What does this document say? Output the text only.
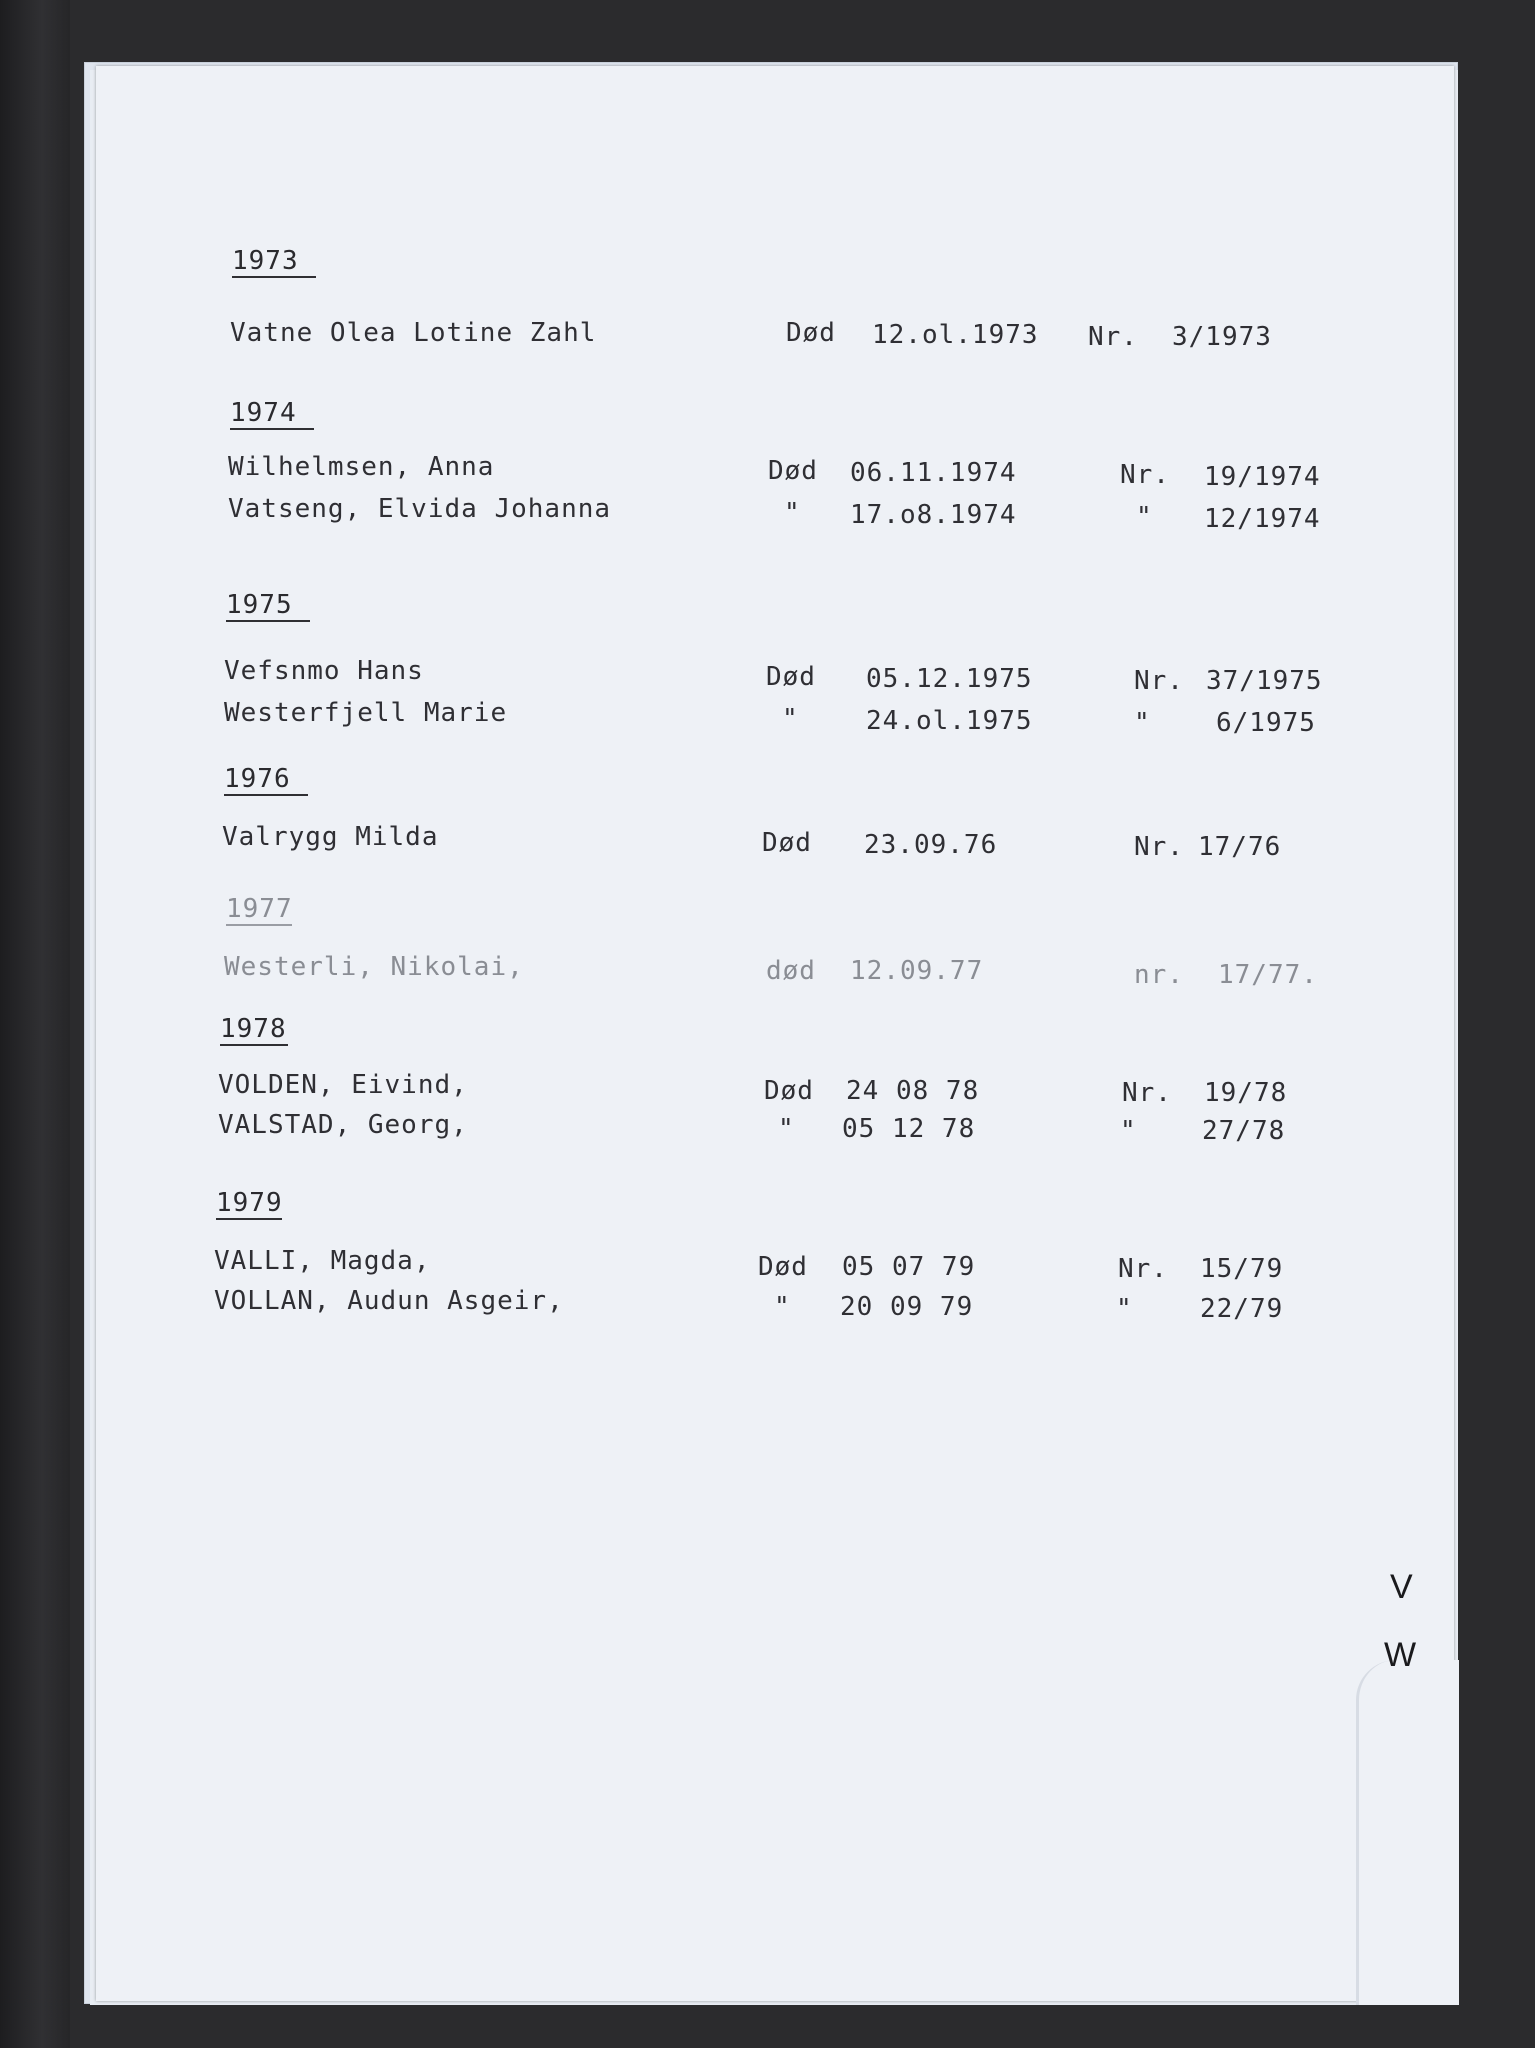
1973
Vatne Olea Lotine Zahl	Død 12.ol.1973 Nr. 3/1973
1974
Wilhelmsen, Anna	Død 06.11.1974	Nr. 19/1974
Vatseng, Elvida Johanna	" 17.o8.1974	" 12/1974
1975
Vefsnmo Hans	Død 05.12.1975	Nr. 37/1975
Westerfjell Marie	"	24.ol.1975	"	6/1975
1976
Valrygg Milda	Død 23.09.76	Nr. 17/76
1977
Westerli, Nikolai,	død 12.09.77	nr. 17/77.
1978
VOLDEN, Eivind,	Død 24 08 78	Nr. 19/78
VALSTAD, Georg,	" 05 12 78	"	27/78
1979
VALLI, Magda,	Død 05 07 79	Nr. 15/79
VOLLAN, Audun Asgeir,	" 20 09 79	"	22/79
V
W
